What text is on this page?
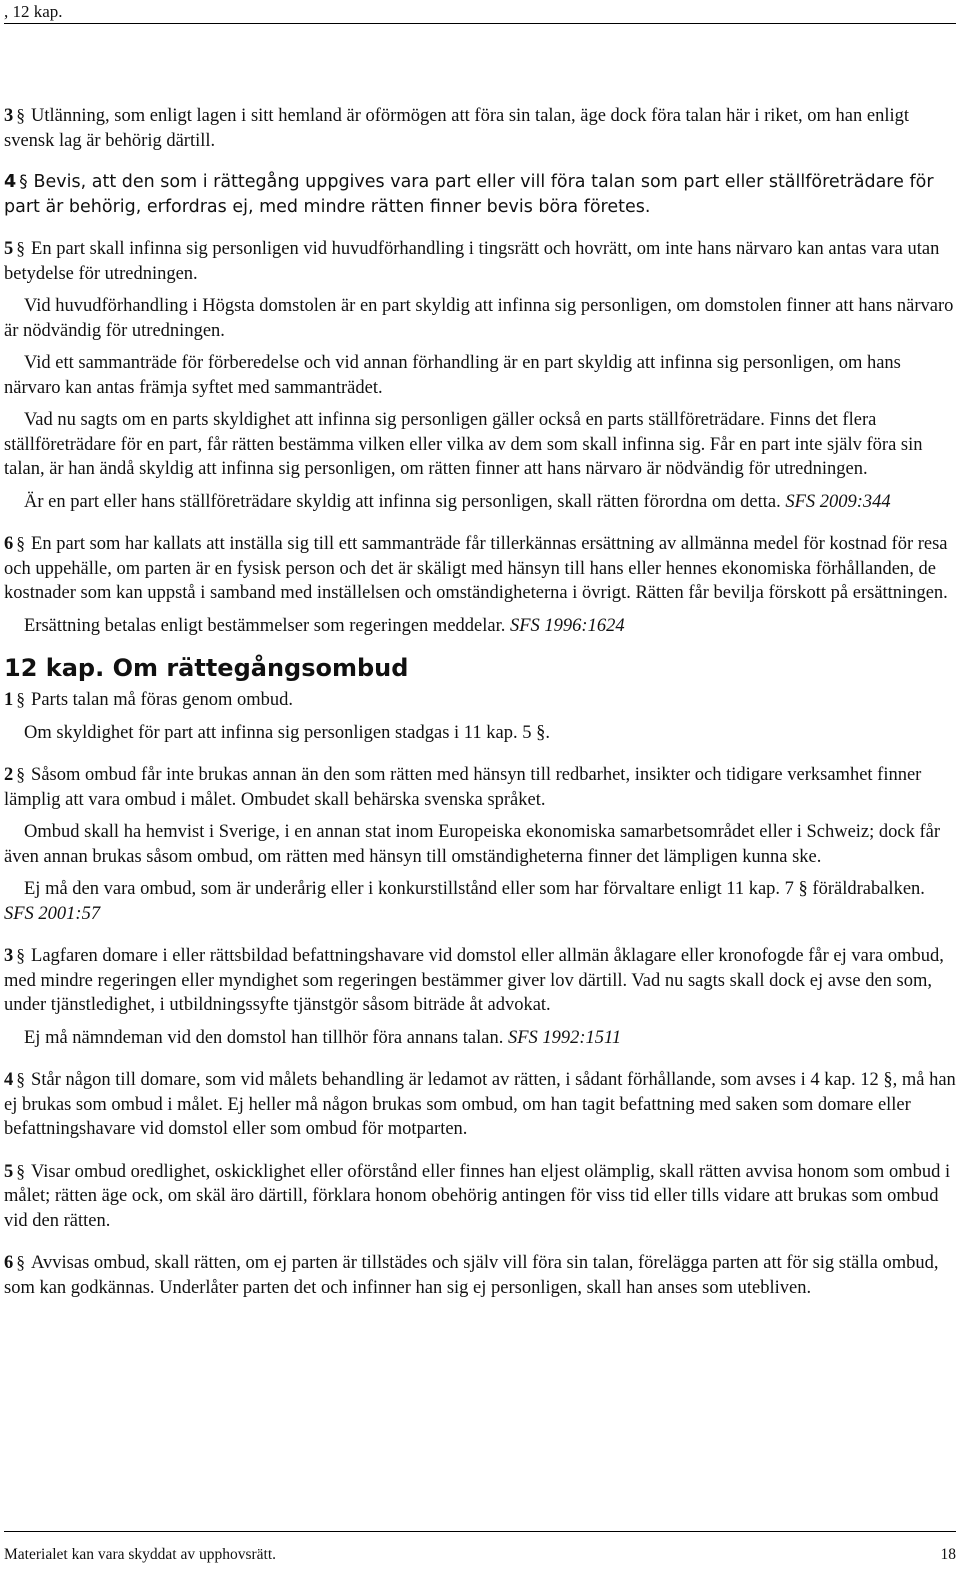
, 12 kap.

3 § Utlänning, som enligt lagen i sitt hemland är oförmögen att föra sin talan, äge dock föra talan här i riket, om han enligt svensk lag är behörig därtill.

4 § Bevis, att den som i rättegång uppgives vara part eller vill föra talan som part eller ställföreträdare för part är behörig, erfordras ej, med mindre rätten finner bevis böra företes.

5 § En part skall infinna sig personligen vid huvudförhandling i tingsrätt och hovrätt, om inte hans närvaro kan antas vara utan betydelse för utredningen.

Vid huvudförhandling i Högsta domstolen är en part skyldig att infinna sig personligen, om domstolen finner att hans närvaro är nödvändig för utredningen.

Vid ett sammanträde för förberedelse och vid annan förhandling är en part skyldig att infinna sig personligen, om hans närvaro kan antas främja syftet med sammanträdet.

Vad nu sagts om en parts skyldighet att infinna sig personligen gäller också en parts ställföreträdare. Finns det flera ställföreträdare för en part, får rätten bestämma vilken eller vilka av dem som skall infinna sig. Får en part inte själv föra sin talan, är han ändå skyldig att infinna sig personligen, om rätten finner att hans närvaro är nödvändig för utredningen.

Är en part eller hans ställföreträdare skyldig att infinna sig personligen, skall rätten förordna om detta. SFS 2009:344

6 § En part som har kallats att inställa sig till ett sammanträde får tillerkännas ersättning av allmänna medel för kostnad för resa och uppehälle, om parten är en fysisk person och det är skäligt med hänsyn till hans eller hennes ekonomiska förhållanden, de kostnader som kan uppstå i samband med inställelsen och omständigheterna i övrigt. Rätten får bevilja förskott på ersättningen.

Ersättning betalas enligt bestämmelser som regeringen meddelar. SFS 1996:1624

12 kap. Om rättegångsombud

1 § Parts talan må föras genom ombud.

Om skyldighet för part att infinna sig personligen stadgas i 11 kap. 5 §.

2 § Såsom ombud får inte brukas annan än den som rätten med hänsyn till redbarhet, insikter och tidigare verksamhet finner lämplig att vara ombud i målet. Ombudet skall behärska svenska språket.

Ombud skall ha hemvist i Sverige, i en annan stat inom Europeiska ekonomiska samarbetsområdet eller i Schweiz; dock får även annan brukas såsom ombud, om rätten med hänsyn till omständigheterna finner det lämpligen kunna ske.

Ej må den vara ombud, som är underårig eller i konkurstillstånd eller som har förvaltare enligt 11 kap. 7 § föräldrabalken. SFS 2001:57

3 § Lagfaren domare i eller rättsbildad befattningshavare vid domstol eller allmän åklagare eller kronofogde får ej vara ombud, med mindre regeringen eller myndighet som regeringen bestämmer giver lov därtill. Vad nu sagts skall dock ej avse den som, under tjänstledighet, i utbildningssyfte tjänstgör såsom biträde åt advokat.

Ej må nämndeman vid den domstol han tillhör föra annans talan. SFS 1992:1511

4 § Står någon till domare, som vid målets behandling är ledamot av rätten, i sådant förhållande, som avses i 4 kap. 12 §, må han ej brukas som ombud i målet. Ej heller må någon brukas som ombud, om han tagit befattning med saken som domare eller befattningshavare vid domstol eller som ombud för motparten.

5 § Visar ombud oredlighet, oskicklighet eller oförstånd eller finnes han eljest olämplig, skall rätten avvisa honom som ombud i målet; rätten äge ock, om skäl äro därtill, förklara honom obehörig antingen för viss tid eller tills vidare att brukas som ombud vid den rätten.

6 § Avvisas ombud, skall rätten, om ej parten är tillstädes och själv vill föra sin talan, förelägga parten att för sig ställa ombud, som kan godkännas. Underlåter parten det och infinner han sig ej personligen, skall han anses som utebliven.

Materialet kan vara skyddat av upphovsrätt.	18
